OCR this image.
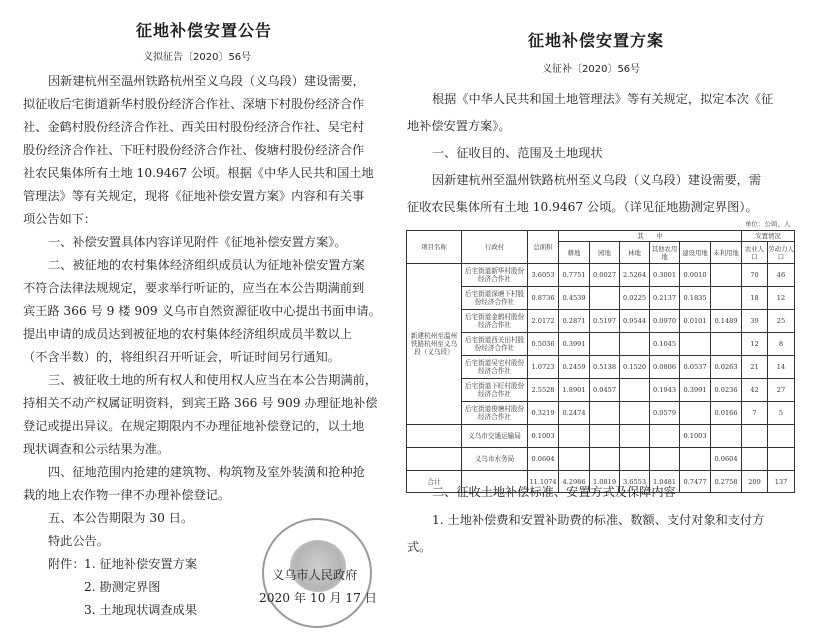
征地补偿安置公告
义拟征告〔2020〕56号
因新建杭州至温州铁路杭州至义乌段（义乌段）建设需要，
拟征收后宅街道新华村股份经济合作社、深塘下村股份经济合作
社、金鹤村股份经济合作社、西关田村股份经济合作社、吴宅村
股份经济合作社、下旺村股份经济合作社、俊塘村股份经济合作
社农民集体所有土地 10.9467 公顷。根据《中华人民共和国土地
管理法》等有关规定，现将《征地补偿安置方案》内容和有关事
项公告如下：
一、补偿安置具体内容详见附件《征地补偿安置方案》。
二、被征地的农村集体经济组织成员认为征地补偿安置方案
不符合法律法规规定，要求举行听证的，应当在本公告期满前到
宾王路 366 号 9 楼 909 义乌市自然资源征收中心提出书面申请。
提出申请的成员达到被征地的农村集体经济组织成员半数以上
（不含半数）的，将组织召开听证会，听证时间另行通知。
三、被征收土地的所有权人和使用权人应当在本公告期满前，
持相关不动产权属证明资料，到宾王路 366 号 909 办理征地补偿
登记或提出异议。在规定期限内不办理征地补偿登记的，以土地
现状调查和公示结果为准。
四、征地范围内抢建的建筑物、构筑物及室外装潢和抢种抢
栽的地上农作物一律不办理补偿登记。
五、本公告期限为 30 日。
特此公告。
附件： 1. 征地补偿安置方案
2. 勘测定界图
3. 土地现状调查成果
义乌市人民政府
2020 年 10 月 17 日
征地补偿安置方案
义征补〔2020〕56号
根据《中华人民共和国土地管理法》等有关规定，拟定本次《征
地补偿安置方案》。
一、征收目的、范围及土地现状
因新建杭州至温州铁路杭州至义乌段（义乌段）建设需要，需
征收农民集体所有土地 10.9467 公顷。（详见征地勘测定界图）。
单位：公顷、人
项目名称	行政村	总面积	其　　中						安置情况	
			耕地	园地	林地	其他农用地	建设用地	未利用地	农业人口	劳动力人口
新建杭州至温州铁路杭州至义乌段（义乌段）	后宅街道新华村股份经济合作社	3.6053	0.7751	0.0027	2.5264	0.3001	0.0010		70	46
	后宅街道深塘下村股份经济合作社	0.8736	0.4539		0.0225	0.2137	0.1835		18	12
	后宅街道金鹤村股份经济合作社	2.0172	0.2871	0.5197	0.9544	0.0970	0.0101	0.1489	39	25
	后宅街道西关田村股份经济合作社	0.5036	0.3991			0.1045			12	8
	后宅街道吴宅村股份经济合作社	1.0723	0.2459	0.5138	0.1520	0.0806	0.0537	0.0263	21	14
	后宅街道下旺村股份经济合作社	2.5528	1.8901	0.0457		0.1943	0.3991	0.0236	42	27
	后宅街道俊塘村股份经济合作社	0.3219	0.2474			0.0579		0.0166	7	5
	义乌市交通运输局	0.1003					0.1003			
	义乌市水务局	0.0604						0.0604		
合计		11.1074	4.2986	1.0819	3.6553	1.0481	0.7477	0.2758	209	137
二、征收土地补偿标准、安置方式及保障内容
1. 土地补偿费和安置补助费的标准、数额、支付对象和支付方
式。
